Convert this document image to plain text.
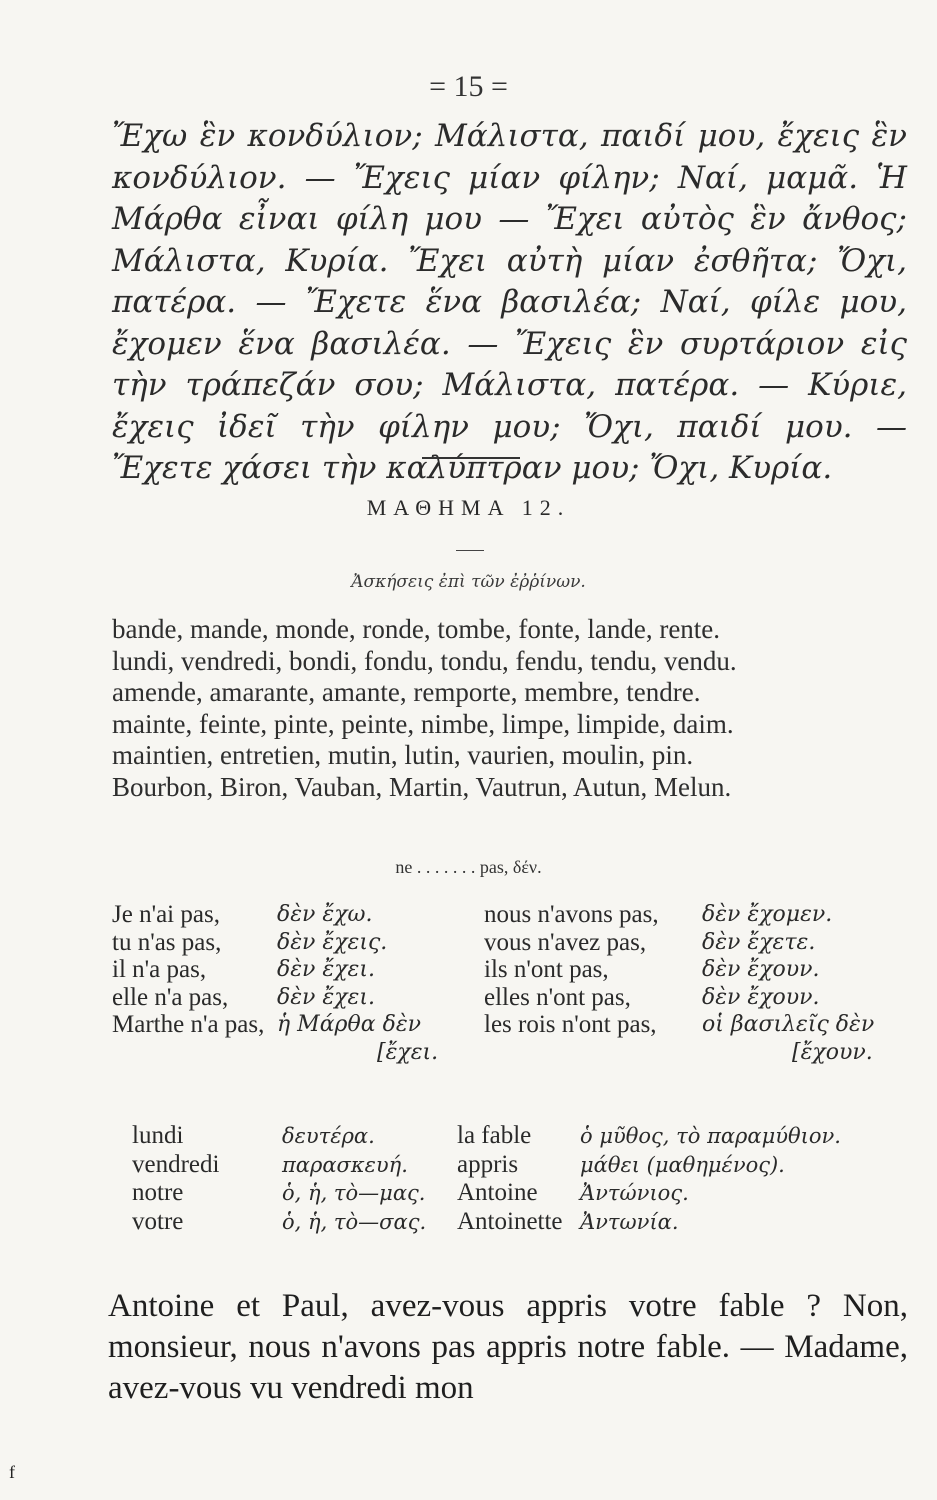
= 15 =

Ἔχω ἓν κονδύλιον; Μάλιστα, παιδί μου, ἔχεις ἓν κονδύλιον. — Ἔχεις μίαν φίλην; Ναί, μαμᾶ. Ἡ Μάρθα εἶναι φίλη μου — Ἔχει αὐτὸς ἓν ἄνθος; Μάλιστα, Κυρία. Ἔχει αὐτὴ μίαν ἐσθῆτα; Ὄχι, πατέρα. — Ἔχετε ἕνα βασιλέα; Ναί, φίλε μου, ἔχομεν ἕνα βασιλέα. — Ἔχεις ἓν συρτάριον εἰς τὴν τράπεζάν σου; Μάλιστα, πατέρα. — Κύριε, ἔχεις ἰδεῖ τὴν φίλην μου; Ὄχι, παιδί μου. — Ἔχετε χάσει τὴν καλύπτραν μου; Ὄχι, Κυρία.

ΜΑΘΗΜΑ 12.
Ἀσκήσεις ἐπὶ τῶν ἐῤῥίνων.
bande, mande, monde, ronde, tombe, fonte, lande, rente.
lundi, vendredi, bondi, fondu, tondu, fendu, tendu, vendu.
amende, amarante, amante, remporte, membre, tendre.
mainte, feinte, pinte, peinte, nimbe, limpe, limpide, daim.
maintien, entretien, mutin, lutin, vaurien, moulin, pin.
Bourbon, Biron, Vauban, Martin, Vautrun, Autun, Melun.
ne . . . . . . . pas, δέν.
Je n'ai pas,	δὲν ἔχω.	nous n'avons pas, δὲν ἔχομεν.
tu n'as pas,	δὲν ἔχεις.	vous n'avez pas,	δὲν ἔχετε.
il n'a pas,	δὲν ἔχει.	ils n'ont pas,	δὲν ἔχουν.
elle n'a pas, δὲν ἔχει.	elles n'ont pas,	δὲν ἔχουν.
Marthe n'a pas, ἡ Μάρθα δὲν	les rois n'ont pas, οἱ βασιλεῖς δὲν
[ἔχει.	[ἔχουν.
lundi	δευτέρα.	la fable ὁ μῦθος, τὸ παραμύθιον.
vendredi	παρασκευή. appris	μάθει (μαθημένος).
notre	ὁ, ἡ, τὸ—μας. Antoine Ἀντώνιος.
votre	ὁ, ἡ, τὸ—σας. Antoinette Ἀντωνία.

Antoine et Paul, avez-vous appris votre fable ? Non, monsieur, nous n'avons pas appris notre fable. — Madame, avez-vous vu vendredi mon

f
